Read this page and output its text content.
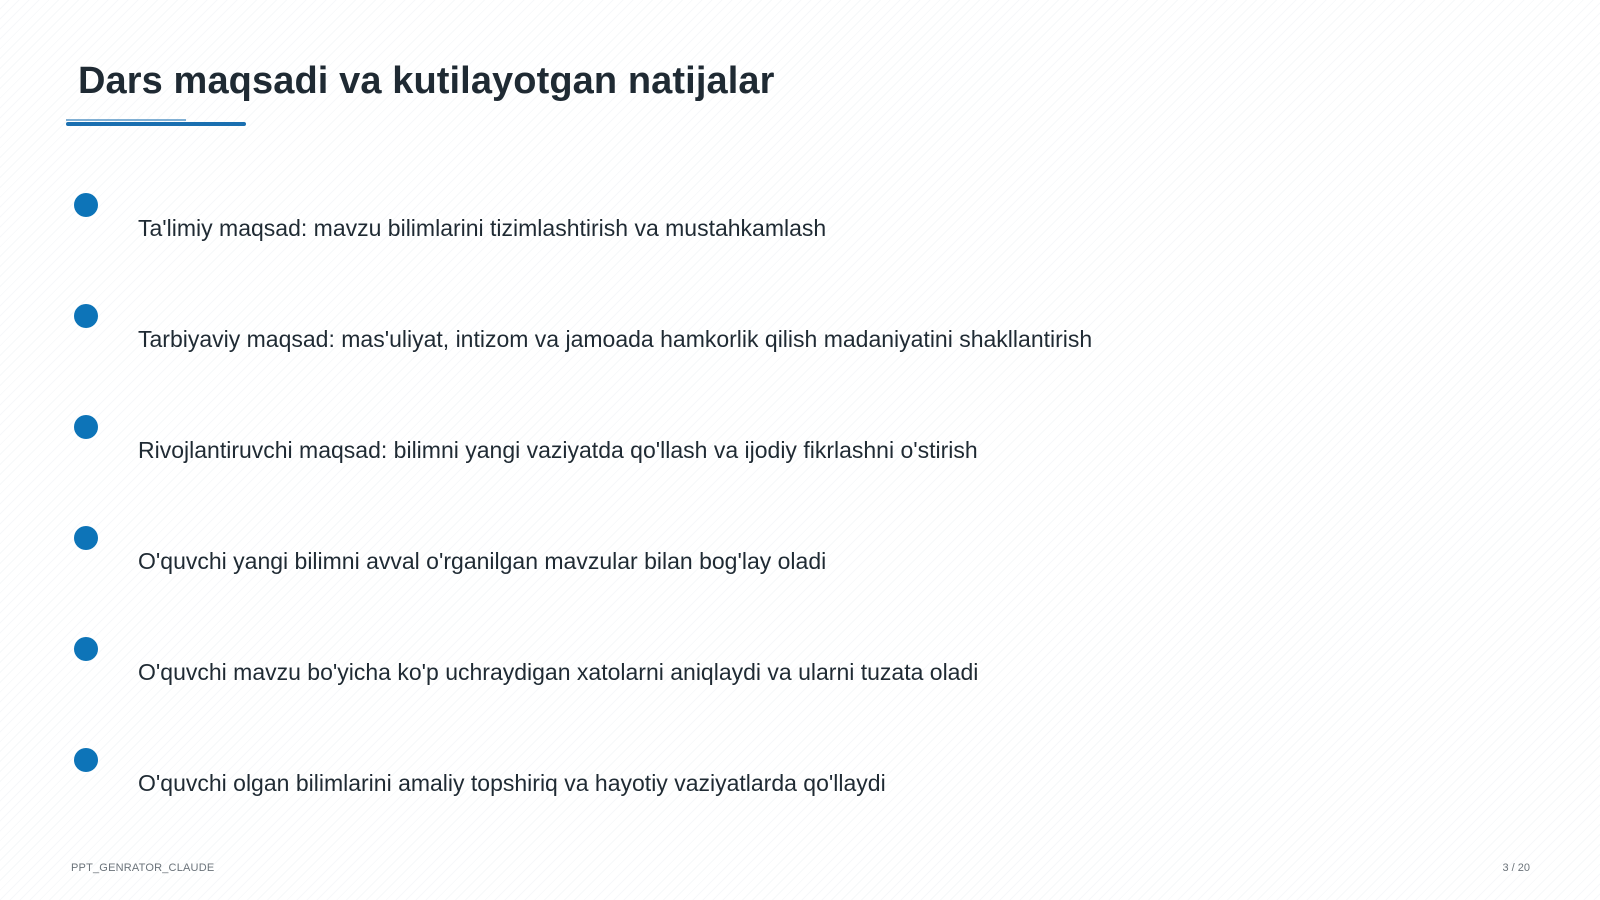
Dars maqsadi va kutilayotgan natijalar
Ta'limiy maqsad: mavzu bilimlarini tizimlashtirish va mustahkamlash
Tarbiyaviy maqsad: mas'uliyat, intizom va jamoada hamkorlik qilish madaniyatini shakllantirish
Rivojlantiruvchi maqsad: bilimni yangi vaziyatda qo'llash va ijodiy fikrlashni o'stirish
O'quvchi yangi bilimni avval o'rganilgan mavzular bilan bog'lay oladi
O'quvchi mavzu bo'yicha ko'p uchraydigan xatolarni aniqlaydi va ularni tuzata oladi
O'quvchi olgan bilimlarini amaliy topshiriq va hayotiy vaziyatlarda qo'llaydi
PPT_GENRATOR_CLAUDE	3 / 20
